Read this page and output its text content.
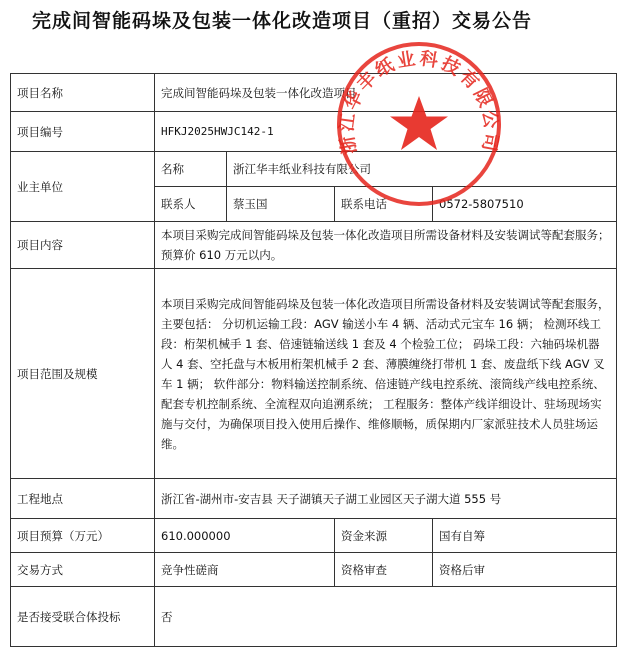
完成间智能码垛及包装一体化改造项目（重招）交易公告
项目名称	完成间智能码垛及包装一体化改造项目			
项目编号	HFKJ2025HWJC142-1			
业主单位	名称	浙江华丰纸业科技有限公司		
	联系人	蔡玉国	联系电话	0572-5807510
项目内容	本项目采购完成间智能码垛及包装一体化改造项目所需设备材料及安装调试等配套服务；预算价 610 万元以内。			
项目范围及规模	本项目采购完成间智能码垛及包装一体化改造项目所需设备材料及安装调试等配套服务，主要包括： 分切机运输工段：AGV 输送小车 4 辆、活动式元宝车 16 辆； 检测环线工段：桁架机械手 1 套、倍速链输送线 1 套及 4 个检验工位； 码垛工段：六轴码垛机器人 4 套、空托盘与木板用桁架机械手 2 套、薄膜缠绕打带机 1 套、废盘纸下线 AGV 叉车 1 辆； 软件部分：物料输送控制系统、倍速链产线电控系统、滚筒线产线电控系统、配套专机控制系统、全流程双向追溯系统； 工程服务：整体产线详细设计、驻场现场实施与交付，为确保项目投入使用后操作、维修顺畅，质保期内厂家派驻技术人员驻场运维。			
工程地点	浙江省-湖州市-安吉县 天子湖镇天子湖工业园区天子湖大道 555 号			
项目预算（万元）	610.000000		资金来源	国有自筹
交易方式	竞争性磋商		资格审查	资格后审
是否接受联合体投标	否			
浙江华丰纸业科技有限公司
